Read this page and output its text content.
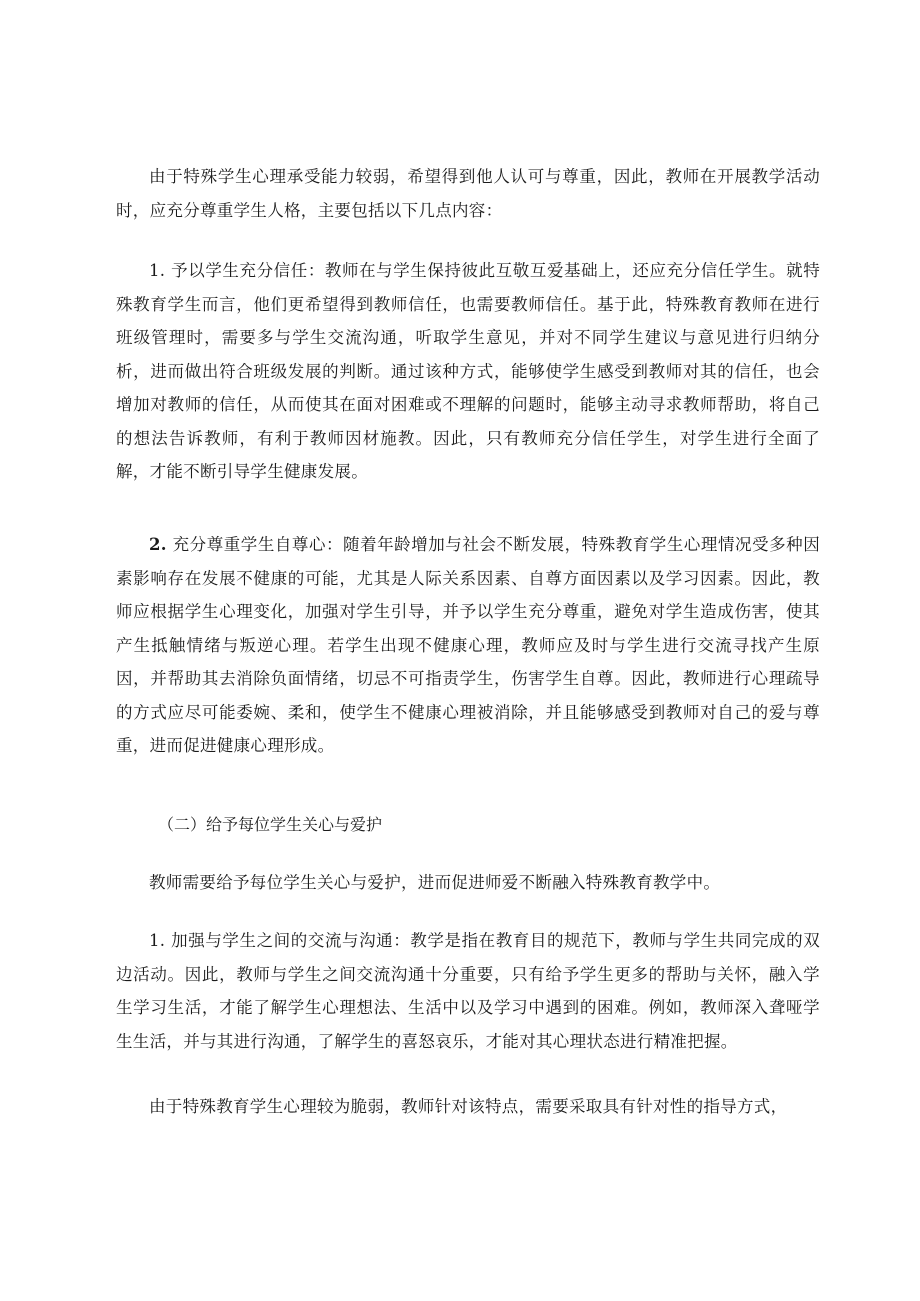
由于特殊学生心理承受能力较弱，希望得到他人认可与尊重，因此，教师在开展教学活动时，应充分尊重学生人格，主要包括以下几点内容：

1. 予以学生充分信任：教师在与学生保持彼此互敬互爱基础上，还应充分信任学生。就特殊教育学生而言，他们更希望得到教师信任，也需要教师信任。基于此，特殊教育教师在进行班级管理时，需要多与学生交流沟通，听取学生意见，并对不同学生建议与意见进行归纳分析，进而做出符合班级发展的判断。通过该种方式，能够使学生感受到教师对其的信任，也会增加对教师的信任，从而使其在面对困难或不理解的问题时，能够主动寻求教师帮助，将自己的想法告诉教师，有利于教师因材施教。因此，只有教师充分信任学生，对学生进行全面了解，才能不断引导学生健康发展。

2. 充分尊重学生自尊心：随着年龄增加与社会不断发展，特殊教育学生心理情况受多种因素影响存在发展不健康的可能，尤其是人际关系因素、自尊方面因素以及学习因素。因此，教师应根据学生心理变化，加强对学生引导，并予以学生充分尊重，避免对学生造成伤害，使其产生抵触情绪与叛逆心理。若学生出现不健康心理，教师应及时与学生进行交流寻找产生原因，并帮助其去消除负面情绪，切忌不可指责学生，伤害学生自尊。因此，教师进行心理疏导的方式应尽可能委婉、柔和，使学生不健康心理被消除，并且能够感受到教师对自己的爱与尊重，进而促进健康心理形成。

（二）给予每位学生关心与爱护

教师需要给予每位学生关心与爱护，进而促进师爱不断融入特殊教育教学中。

1. 加强与学生之间的交流与沟通：教学是指在教育目的规范下，教师与学生共同完成的双边活动。因此，教师与学生之间交流沟通十分重要，只有给予学生更多的帮助与关怀，融入学生学习生活，才能了解学生心理想法、生活中以及学习中遇到的困难。例如，教师深入聋哑学生生活，并与其进行沟通，了解学生的喜怒哀乐，才能对其心理状态进行精准把握。

由于特殊教育学生心理较为脆弱，教师针对该特点，需要采取具有针对性的指导方式，
